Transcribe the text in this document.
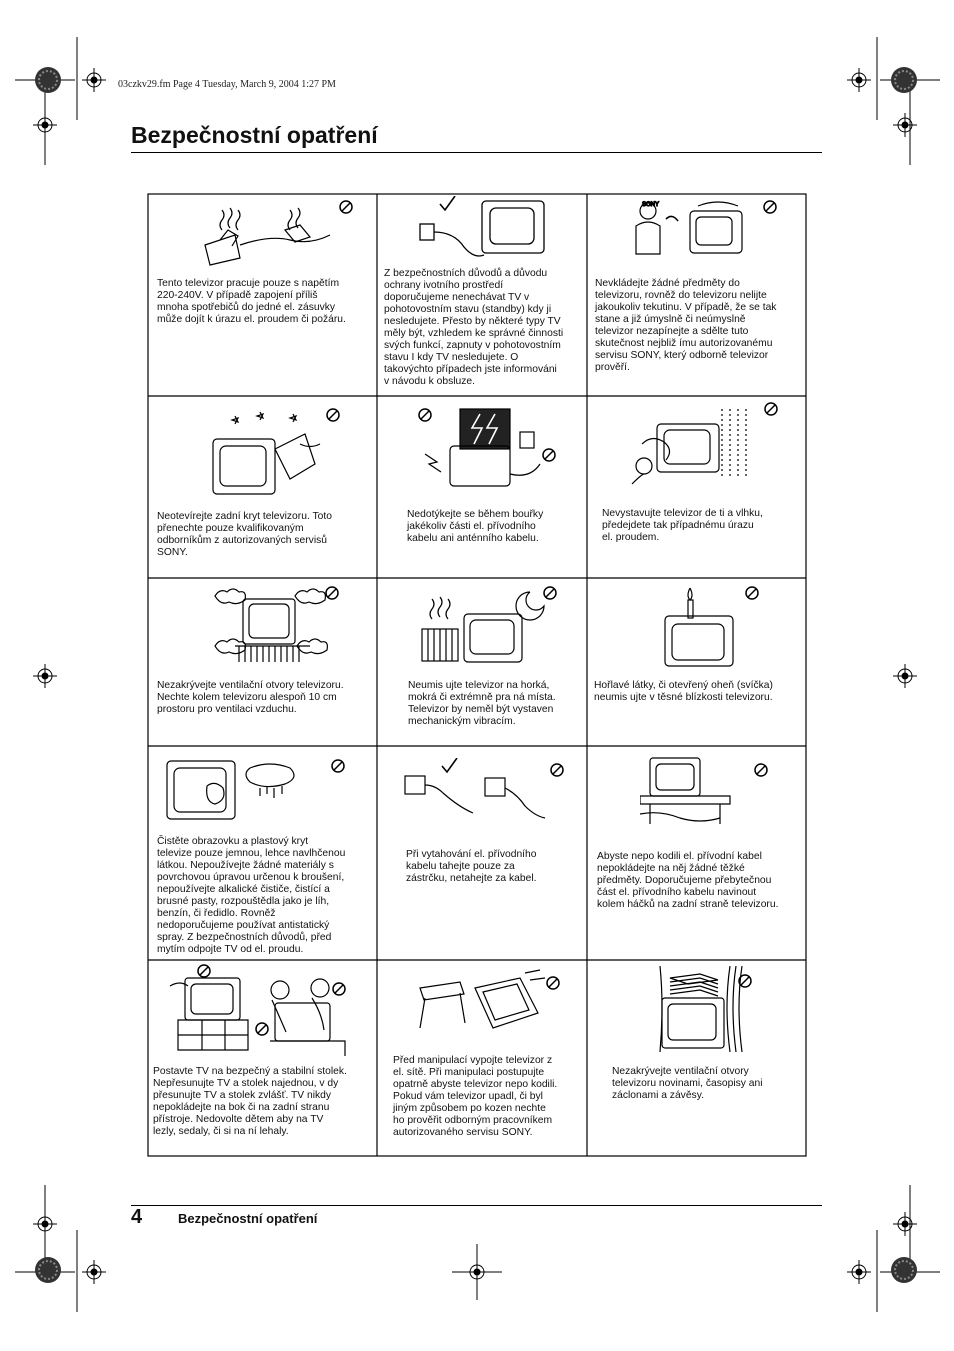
03czkv29.fm Page 4 Tuesday, March 9, 2004 1:27 PM
Bezpečnostní opatření
SONY
Tento televizor pracuje pouze s napětím
220-240V. V případě zapojení příliš
mnoha spotřebičů do jedné el. zásuvky
může dojít k úrazu el. proudem či požáru.
Z bezpečnostních důvodů a důvodu
ochrany ivotního prostředí
doporučujeme nenechávat TV v
pohotovostním stavu (standby) kdy ji
nesledujete. Přesto by některé typy TV
měly být, vzhledem ke správné činnosti
svých funkcí, zapnuty v pohotovostním
stavu I kdy TV nesledujete. O
takovýchto případech jste informováni
v návodu k obsluze.
Nevkládejte žádné předměty do
televizoru, rovněž do televizoru nelijte
jakoukoliv tekutinu. V případě, že se tak
stane a již úmyslně či neúmyslně
televizor nezapínejte a sdělte tuto
skutečnost nejbliž ímu autorizovanému
servisu SONY, který odborně televizor
prověří.
Neotevírejte zadní kryt televizoru. Toto
přenechte pouze kvalifikovaným
odborníkům z autorizovaných servisů
SONY.
Nedotýkejte se během bouřky
jakékoliv části el. přívodního
kabelu ani anténního kabelu.
Nevystavujte televizor de ti a vlhku,
předejdete tak případnému úrazu
el. proudem.
Nezakrývejte ventilační otvory televizoru.
Nechte kolem televizoru alespoň 10 cm
prostoru pro ventilaci vzduchu.
Neumis ujte televizor na horká,
mokrá či extrémně pra ná místa.
Televizor by neměl být vystaven
mechanickým vibracím.
Hořlavé látky, či otevřený oheň (svíčka)
neumis ujte v těsné blízkosti televizoru.
Čistěte obrazovku a plastový kryt
televize pouze jemnou, lehce navlhčenou
látkou. Nepoužívejte žádné materiály s
povrchovou úpravou určenou k broušení,
nepoužívejte alkalické čističe, čistící a
brusné pasty, rozpouštědla jako je líh,
benzín, či ředidlo. Rovněž
nedoporučujeme používat antistatický
spray. Z bezpečnostních důvodů, před
mytím odpojte TV od el. proudu.
Při vytahování el. přívodního
kabelu tahejte pouze za
zástrčku, netahejte za kabel.
Abyste nepo kodili el. přívodní kabel
nepokládejte na něj žádné těžké
předměty. Doporučujeme přebytečnou
část el. přívodního kabelu navinout
kolem háčků na zadní straně televizoru.
Postavte TV na bezpečný a stabilní stolek.
Nepřesunujte TV a stolek najednou, v dy
přesunujte TV a stolek zvlášť. TV nikdy
nepokládejte na bok či na zadní stranu
přístroje. Nedovolte dětem aby na TV
lezly, sedaly, či si na ní lehaly.
Před manipulací vypojte televizor z
el. sítě. Při manipulaci postupujte
opatrně abyste televizor nepo kodili.
Pokud vám televizor upadl, či byl
jiným způsobem po kozen nechte
ho prověřit odborným pracovníkem
autorizovaného servisu SONY.
Nezakrývejte ventilační otvory
televizoru novinami, časopisy ani
záclonami a závěsy.
4	Bezpečnostní opatření
